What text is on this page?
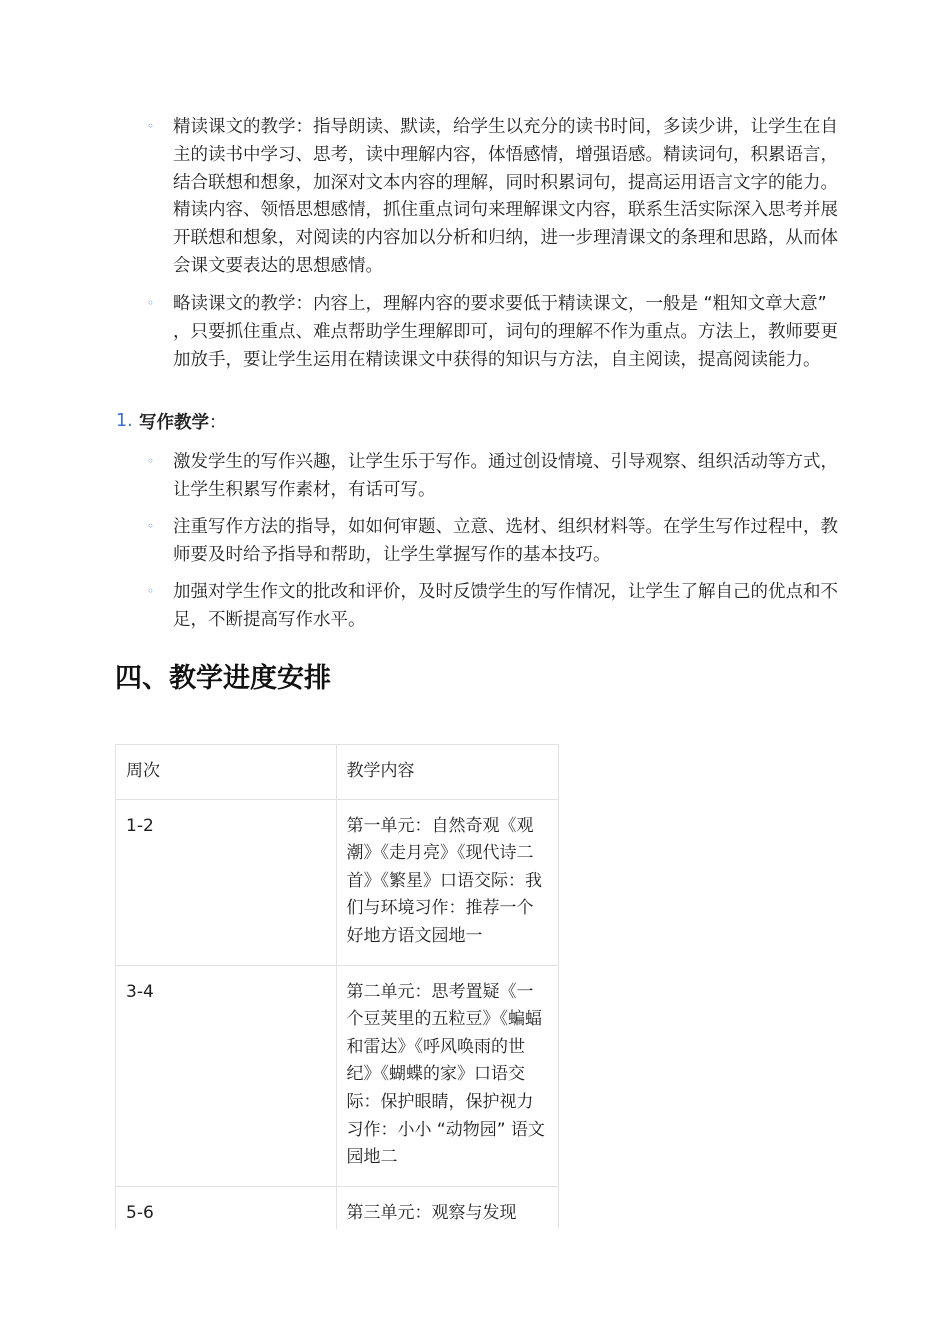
◦ 精读课文的教学：指导朗读、默读，给学生以充分的读书时间，多读少讲，让学生在自主的读书中学习、思考，读中理解内容，体悟感情，增强语感。精读词句，积累语言，结合联想和想象，加深对文本内容的理解，同时积累词句，提高运用语言文字的能力。精读内容、领悟思想感情，抓住重点词句来理解课文内容，联系生活实际深入思考并展开联想和想象，对阅读的内容加以分析和归纳，进一步理清课文的条理和思路，从而体会课文要表达的思想感情。
◦ 略读课文的教学：内容上，理解内容的要求要低于精读课文，一般是 “粗知文章大意” ，只要抓住重点、难点帮助学生理解即可，词句的理解不作为重点。方法上，教师要更加放手，要让学生运用在精读课文中获得的知识与方法，自主阅读，提高阅读能力。
1. 写作教学：
◦ 激发学生的写作兴趣，让学生乐于写作。通过创设情境、引导观察、组织活动等方式，让学生积累写作素材，有话可写。
◦ 注重写作方法的指导，如如何审题、立意、选材、组织材料等。在学生写作过程中，教师要及时给予指导和帮助，让学生掌握写作的基本技巧。
◦ 加强对学生作文的批改和评价，及时反馈学生的写作情况，让学生了解自己的优点和不足，不断提高写作水平。
四、教学进度安排
周次	教学内容
1-2	第一单元：自然奇观《观潮》《走月亮》《现代诗二首》《繁星》口语交际：我们与环境习作：推荐一个好地方语文园地一
3-4	第二单元：思考置疑《一个豆荚里的五粒豆》《蝙蝠和雷达》《呼风唤雨的世纪》《蝴蝶的家》口语交际：保护眼睛，保护视力习作：小小 “动物园” 语文园地二
5-6	第三单元：观察与发现
